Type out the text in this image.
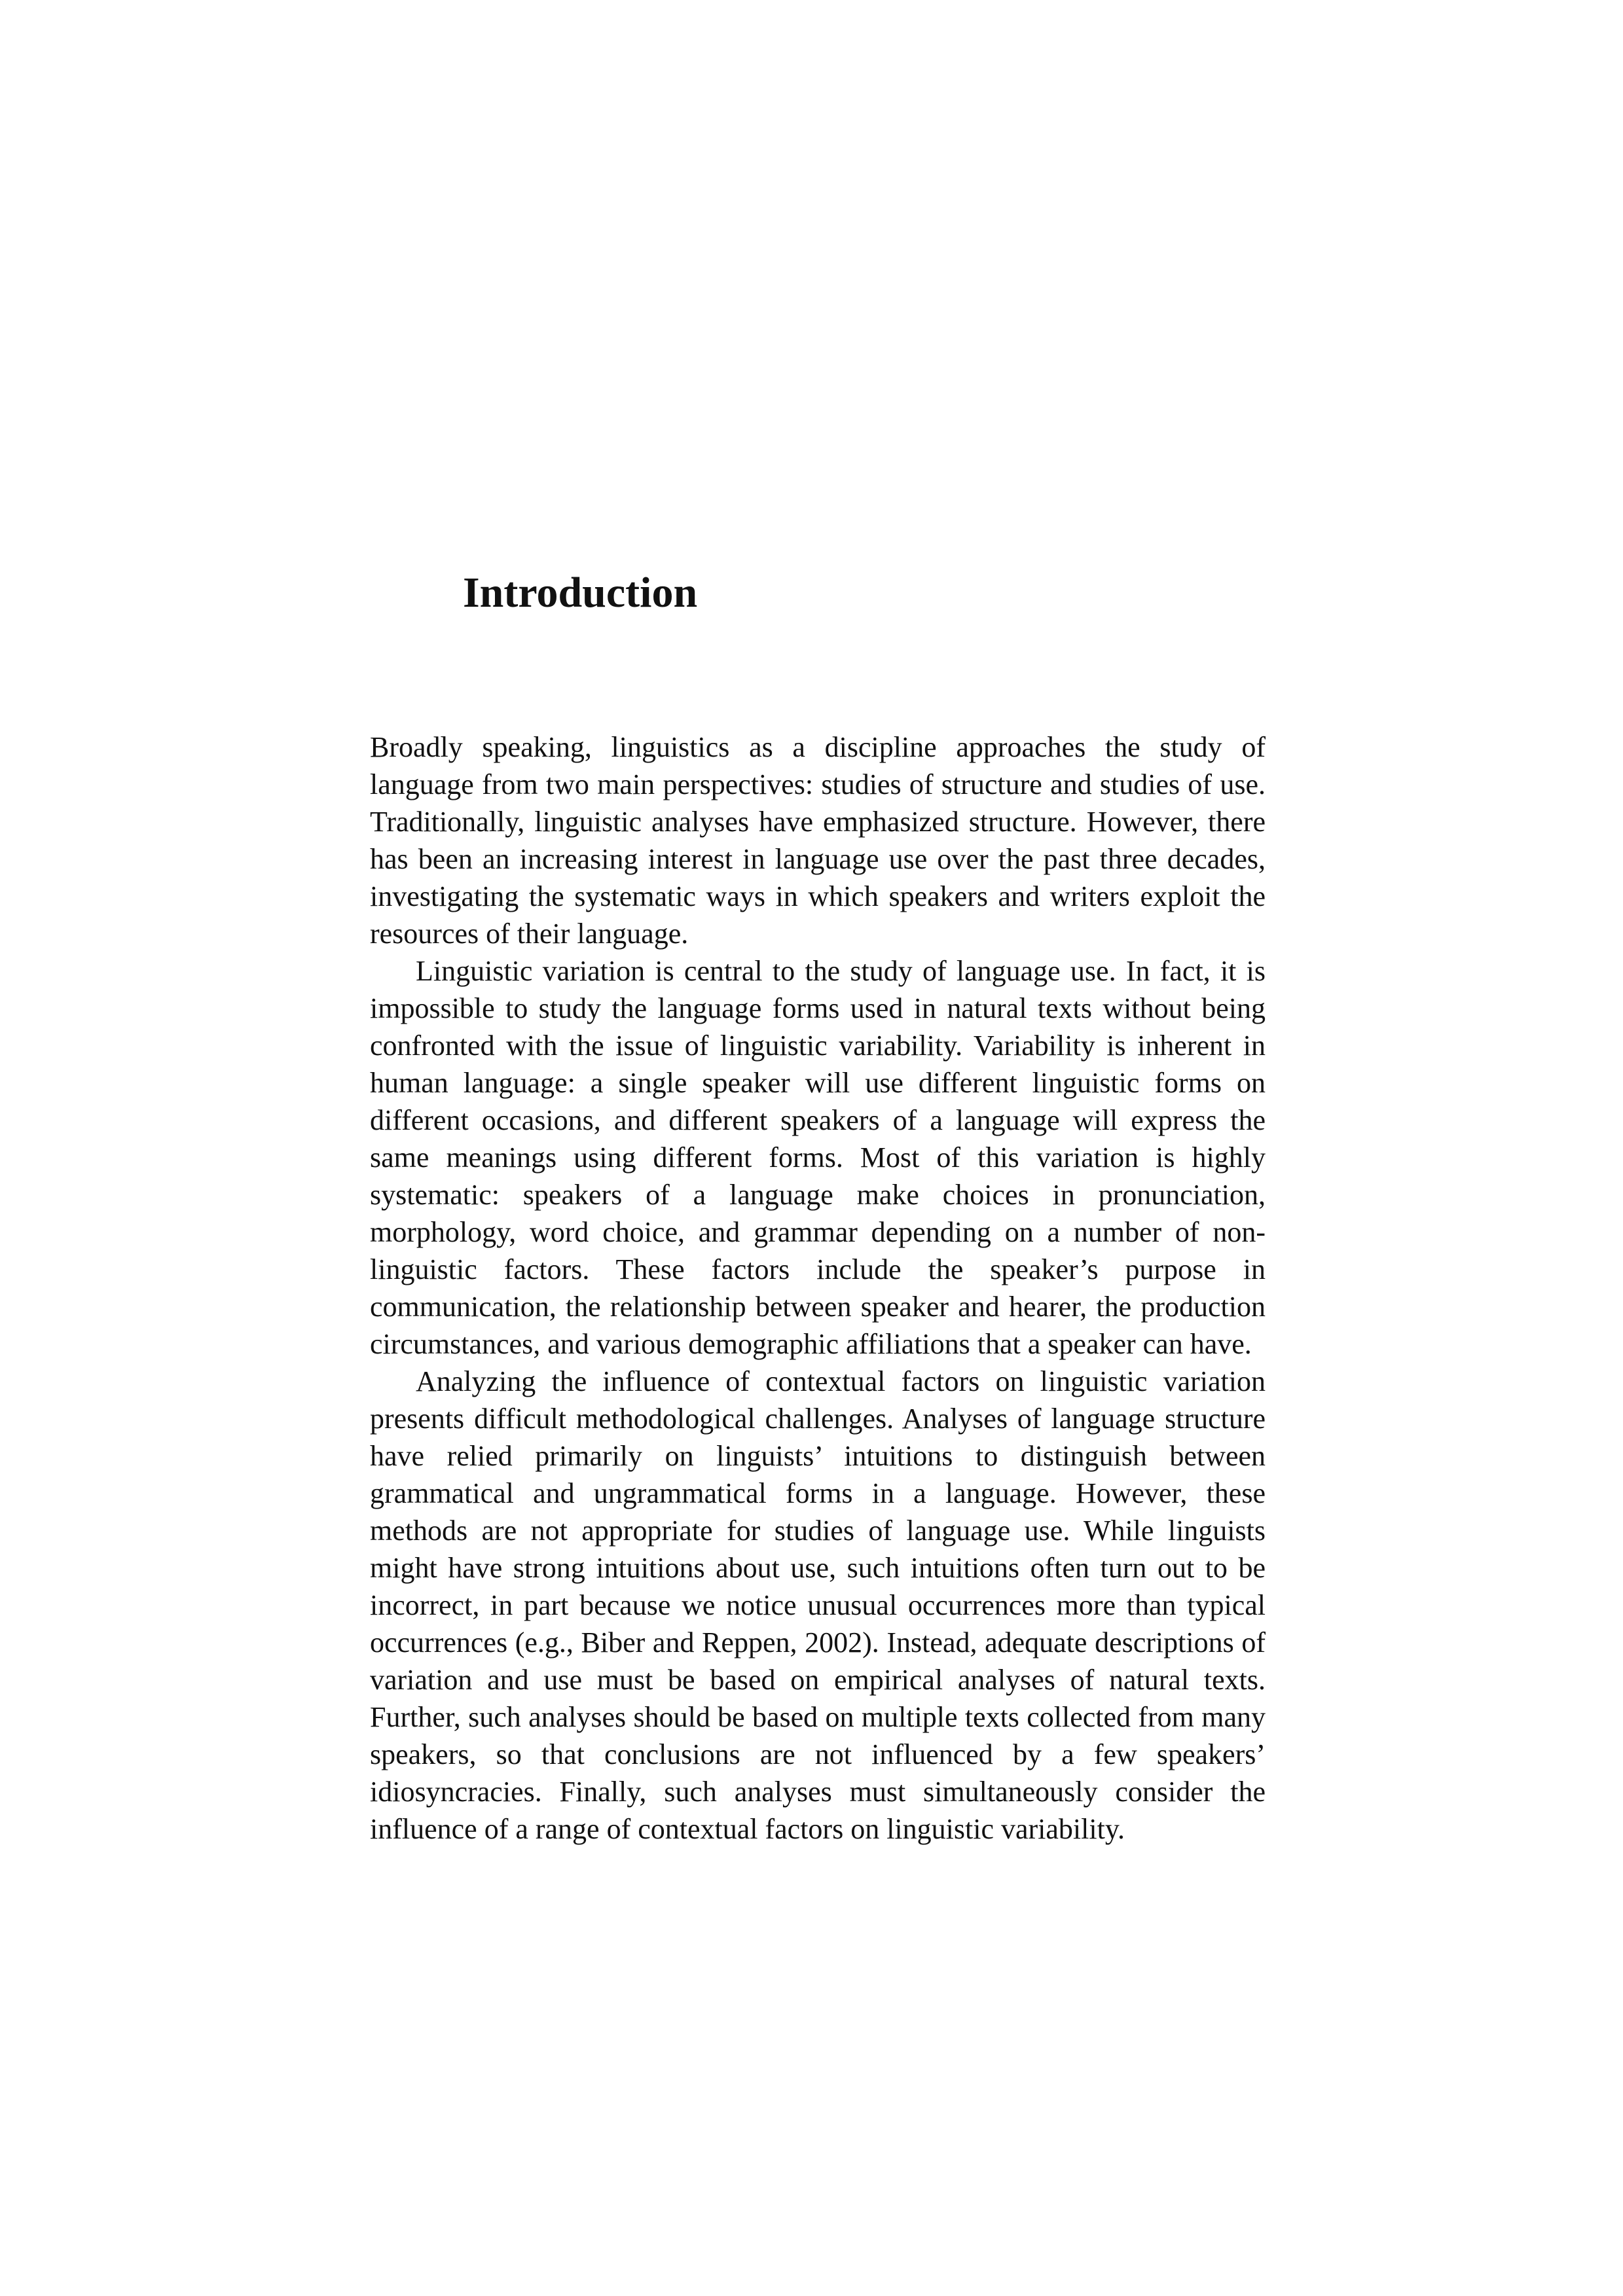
Introduction

Broadly speaking, linguistics as a discipline approaches the study of language from two main perspectives: studies of structure and studies of use. Traditionally, linguistic analyses have emphasized structure. However, there has been an increasing interest in language use over the past three decades, investigating the systematic ways in which speakers and writers exploit the resources of their language.

Linguistic variation is central to the study of language use. In fact, it is impossible to study the language forms used in natural texts without being confronted with the issue of linguistic variability. Variability is inherent in human language: a single speaker will use different linguistic forms on different occasions, and different speakers of a language will express the same meanings using different forms. Most of this variation is highly systematic: speakers of a language make choices in pronunciation, morphology, word choice, and grammar depending on a number of non-linguistic factors. These factors include the speaker’s purpose in communication, the relationship between speaker and hearer, the production circumstances, and various demographic affiliations that a speaker can have.

Analyzing the influence of contextual factors on linguistic variation presents difficult methodological challenges. Analyses of language structure have relied primarily on linguists’ intuitions to distinguish between grammatical and ungrammatical forms in a language. However, these methods are not appropriate for studies of language use. While linguists might have strong intuitions about use, such intuitions often turn out to be incorrect, in part because we notice unusual occurrences more than typical occurrences (e.g., Biber and Reppen, 2002). Instead, adequate descriptions of variation and use must be based on empirical analyses of natural texts. Further, such analyses should be based on multiple texts collected from many speakers, so that conclusions are not influenced by a few speakers’ idiosyncracies. Finally, such analyses must simultaneously consider the influence of a range of contextual factors on linguistic variability.
